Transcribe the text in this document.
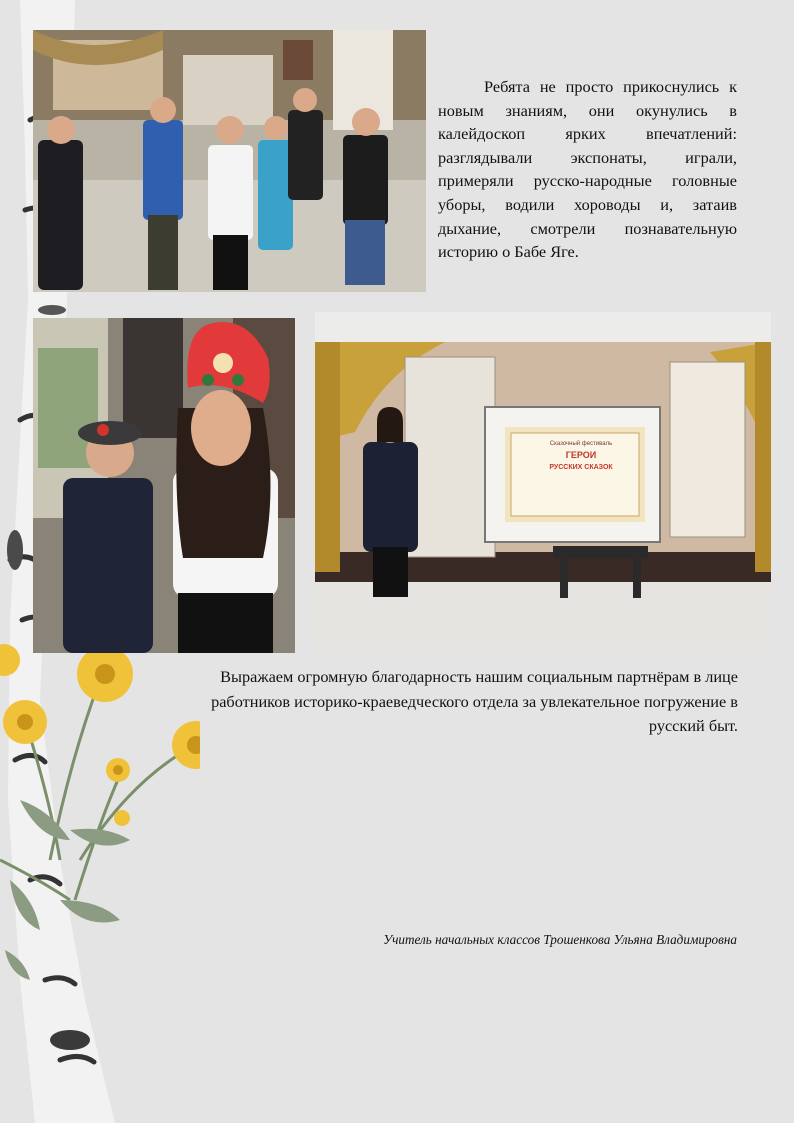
Ребята не просто прикоснулись к новым знаниям, они окунулись в калейдоскоп ярких впечатлений: разглядывали экспонаты, играли, примеряли русско-народные головные уборы, водили хороводы и, затаив дыхание, смотрели познавательную историю о Бабе Яге.

Сказочный фестиваль
ГЕРОИ
РУССКИХ СКАЗОК

Выражаем огромную благодарность нашим социальным партнёрам в лице работников историко-краеведческого отдела за увлекательное погружение в русский быт.

Учитель начальных классов Трошенкова Ульяна Владимировна
